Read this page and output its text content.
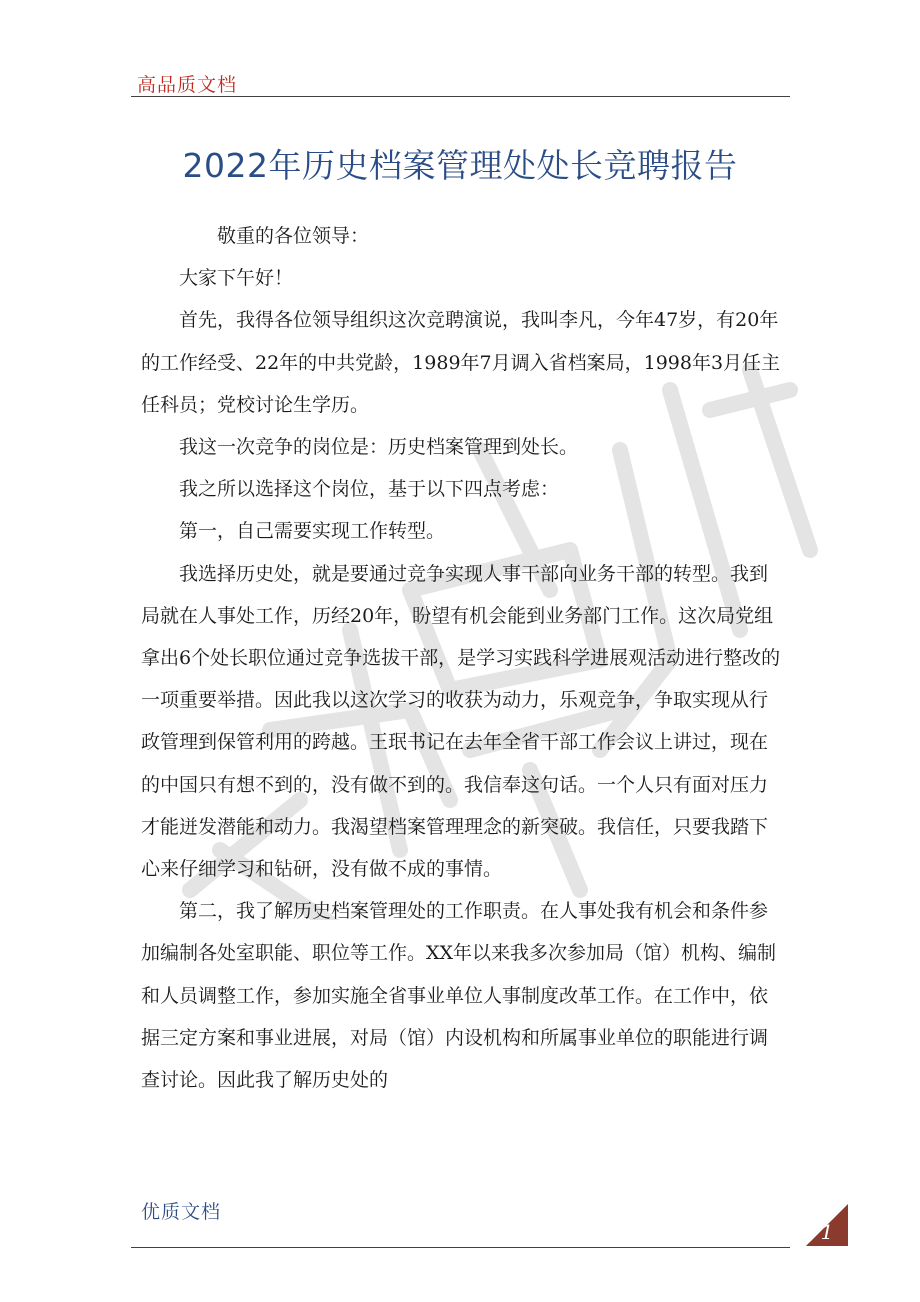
高品质文档
2022年历史档案管理处处长竞聘报告

敬重的各位领导：

大家下午好！

首先，我得各位领导组织这次竞聘演说，我叫李凡，今年47岁，有20年的工作经受、22年的中共党龄，1989年7月调入省档案局，1998年3月任主任科员；党校讨论生学历。

我这一次竞争的岗位是：历史档案管理到处长。

我之所以选择这个岗位，基于以下四点考虑：

第一，自己需要实现工作转型。

我选择历史处，就是要通过竞争实现人事干部向业务干部的转型。我到局就在人事处工作，历经20年，盼望有机会能到业务部门工作。这次局党组拿出6个处长职位通过竞争选拔干部，是学习实践科学进展观活动进行整改的一项重要举措。因此我以这次学习的收获为动力，乐观竞争，争取实现从行政管理到保管利用的跨越。王珉书记在去年全省干部工作会议上讲过，现在的中国只有想不到的，没有做不到的。我信奉这句话。一个人只有面对压力才能迸发潜能和动力。我渴望档案管理理念的新突破。我信任，只要我踏下心来仔细学习和钻研，没有做不成的事情。

第二，我了解历史档案管理处的工作职责。在人事处我有机会和条件参加编制各处室职能、职位等工作。XX年以来我多次参加局（馆）机构、编制和人员调整工作，参加实施全省事业单位人事制度改革工作。在工作中，依据三定方案和事业进展，对局（馆）内设机构和所属事业单位的职能进行调查讨论。因此我了解历史处的

优质文档
1
